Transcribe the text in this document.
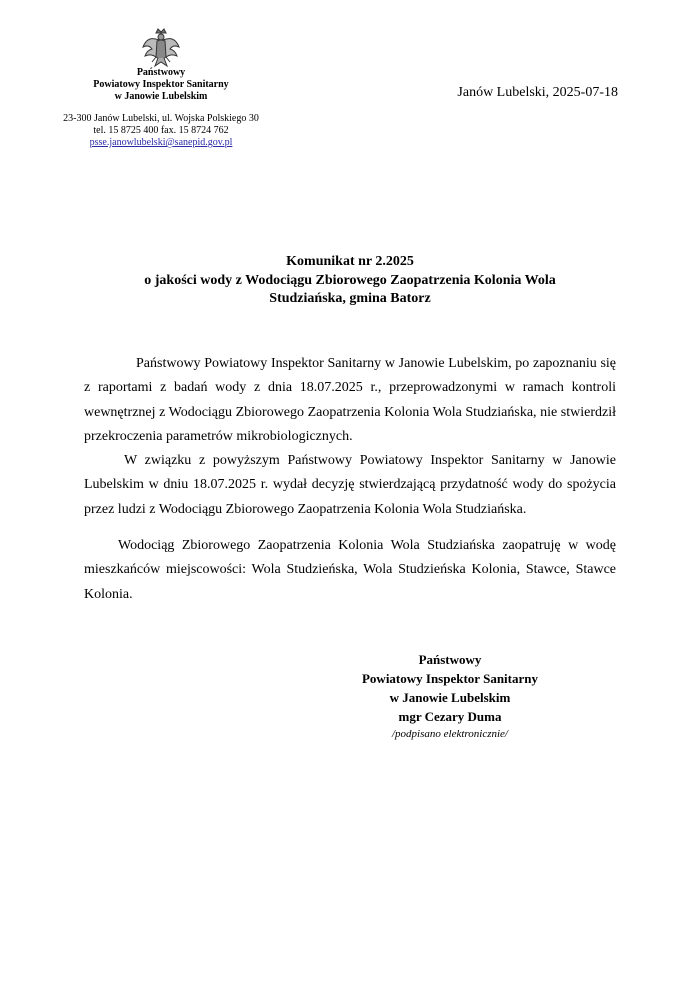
Państwowy
Powiatowy Inspektor Sanitarny
w Janowie Lubelskim
23-300 Janów Lubelski, ul. Wojska Polskiego 30
tel. 15 8725 400 fax. 15 8724 762
psse.janowlubelski@sanepid.gov.pl
Janów Lubelski, 2025-07-18
Komunikat nr 2.2025
o jakości wody z Wodociągu Zbiorowego Zaopatrzenia Kolonia Wola
Studziańska, gmina Batorz

Państwowy Powiatowy Inspektor Sanitarny w Janowie Lubelskim, po zapoznaniu się z raportami z badań wody z dnia 18.07.2025 r., przeprowadzonymi w ramach kontroli wewnętrznej z Wodociągu Zbiorowego Zaopatrzenia Kolonia Wola Studziańska, nie stwierdził przekroczenia parametrów mikrobiologicznych.

W związku z powyższym Państwowy Powiatowy Inspektor Sanitarny w Janowie Lubelskim w dniu 18.07.2025 r. wydał decyzję stwierdzającą przydatność wody do spożycia przez ludzi z Wodociągu Zbiorowego Zaopatrzenia Kolonia Wola Studziańska.

Wodociąg Zbiorowego Zaopatrzenia Kolonia Wola Studziańska zaopatruję w wodę mieszkańców miejscowości: Wola Studzieńska, Wola Studzieńska Kolonia, Stawce, Stawce Kolonia.

Państwowy
Powiatowy Inspektor Sanitarny
w Janowie Lubelskim
mgr Cezary Duma
/podpisano elektronicznie/
